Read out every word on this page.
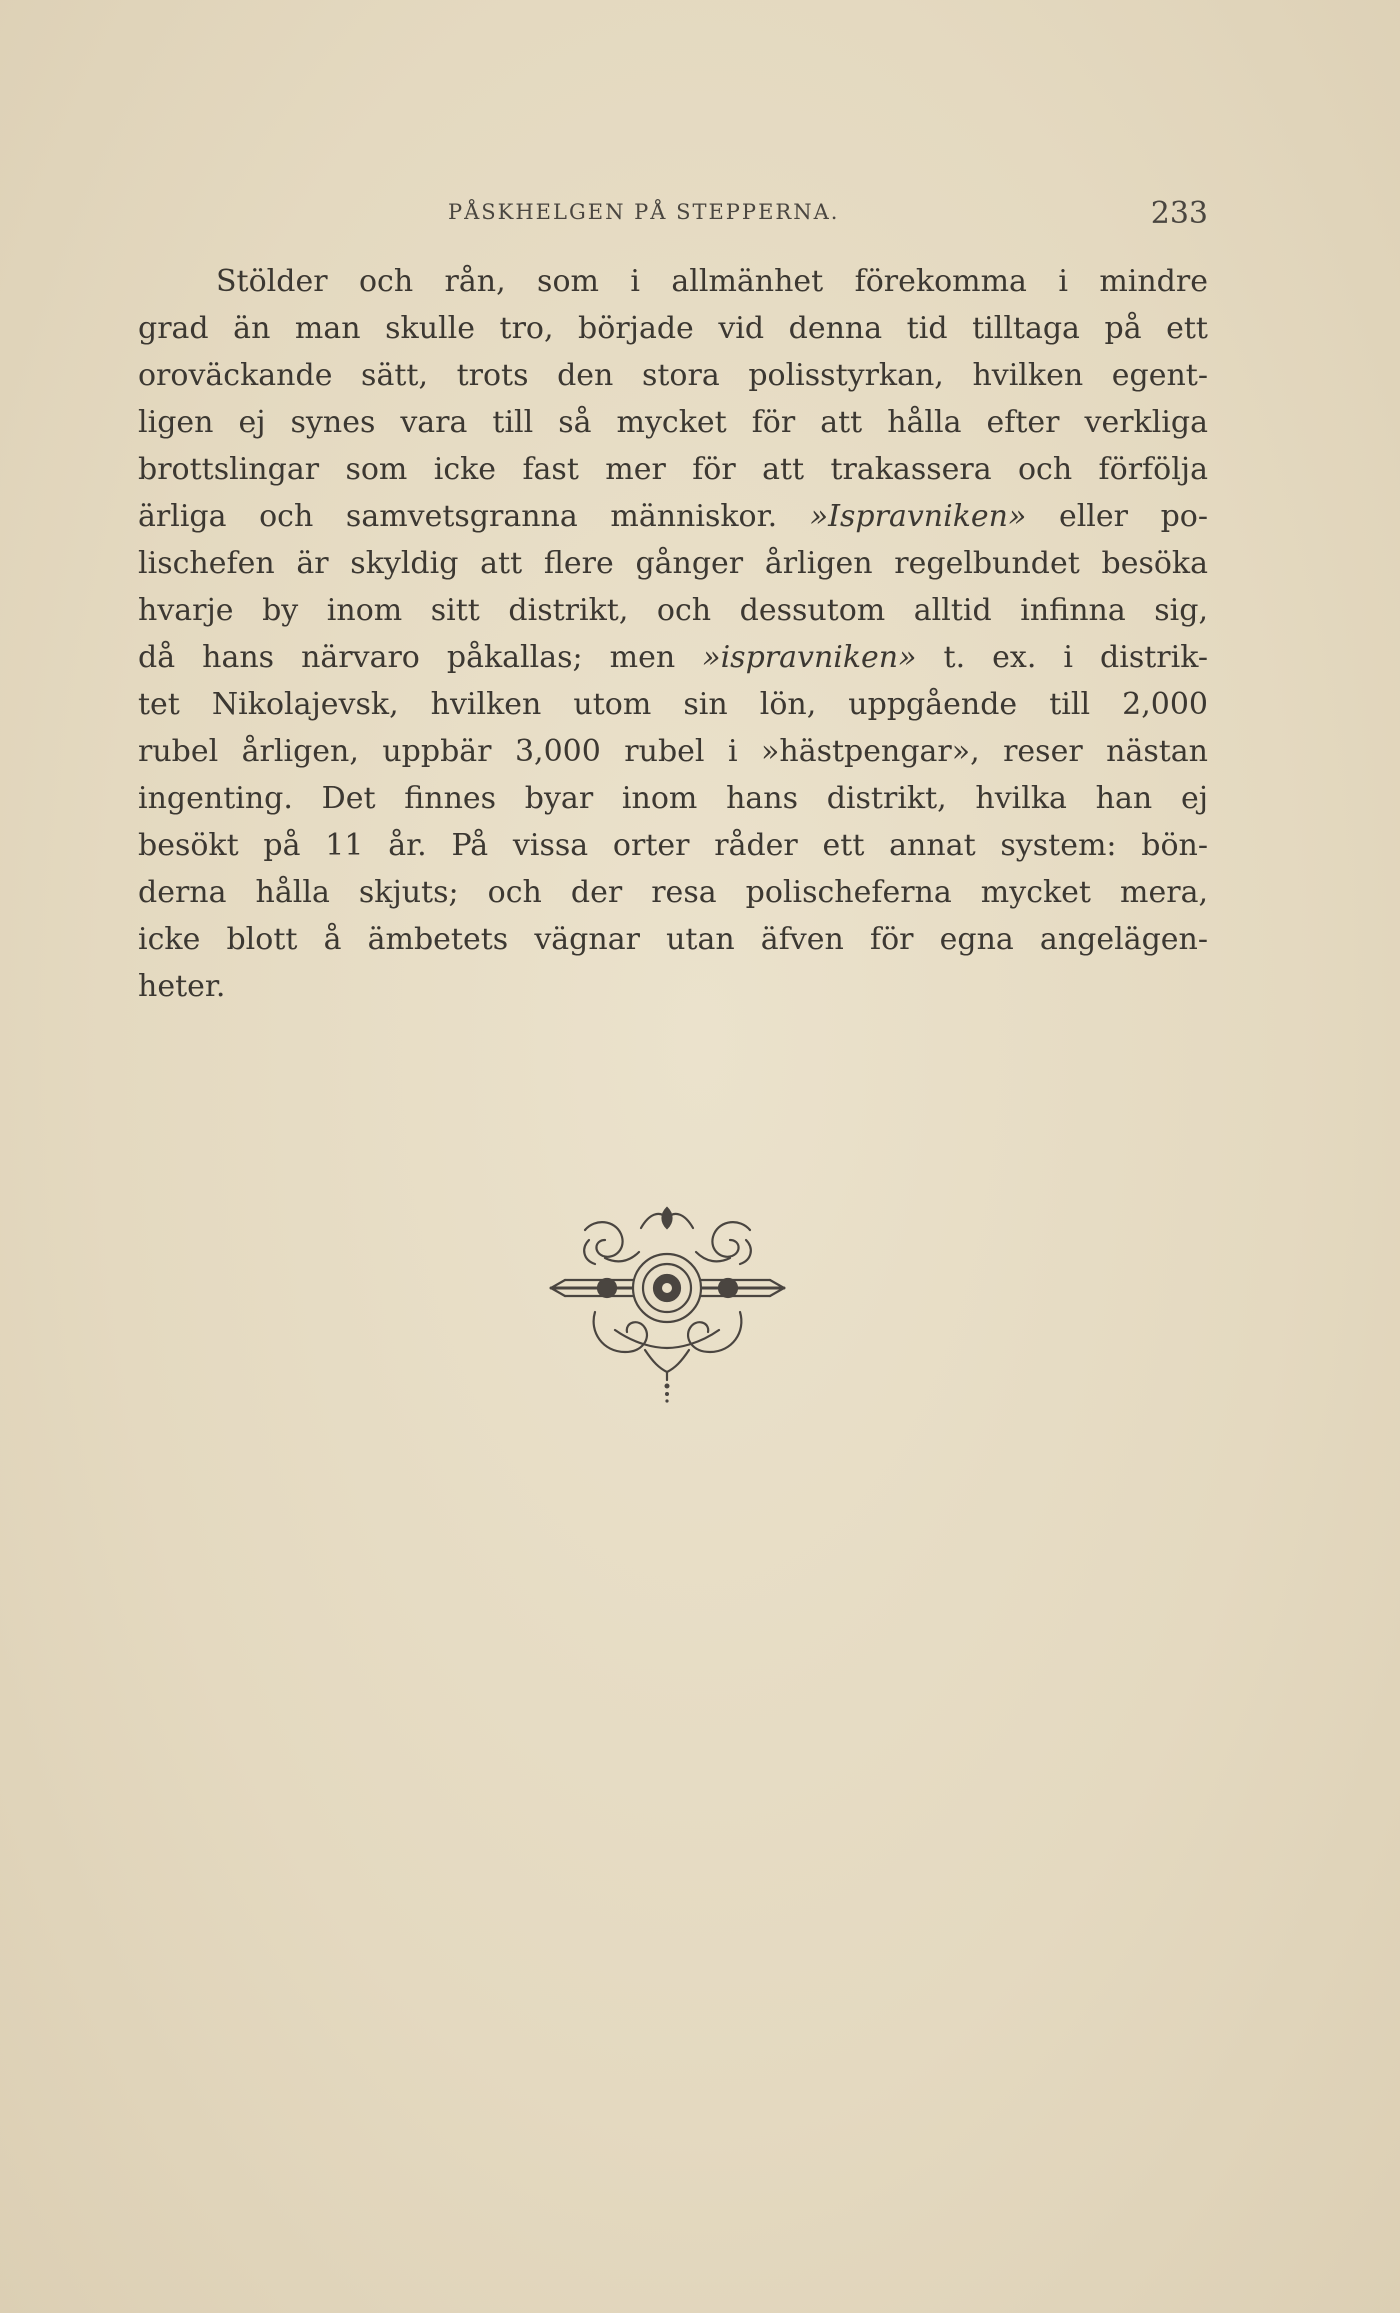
PÅSKHELGEN PÅ STEPPERNA.	233
Stölder och rån, som i allmänhet förekomma i mindre
grad än man skulle tro, började vid denna tid tilltaga på ett
oroväckande sätt, trots den stora polisstyrkan, hvilken egent-
ligen ej synes vara till så mycket för att hålla efter verkliga
brottslingar som icke fast mer för att trakassera och förfölja
ärliga och samvetsgranna människor. »Ispravniken» eller po-
lischefen är skyldig att flere gånger årligen regelbundet besöka
hvarje by inom sitt distrikt, och dessutom alltid infinna sig,
då hans närvaro påkallas; men »ispravniken» t. ex. i distrik-
tet Nikolajevsk, hvilken utom sin lön, uppgående till 2,000
rubel årligen, uppbär 3,000 rubel i »hästpengar», reser nästan
ingenting. Det finnes byar inom hans distrikt, hvilka han ej
besökt på 11 år. På vissa orter råder ett annat system: bön-
derna hålla skjuts; och der resa polischeferna mycket mera,
icke blott å ämbetets vägnar utan äfven för egna angelägen-
heter.
